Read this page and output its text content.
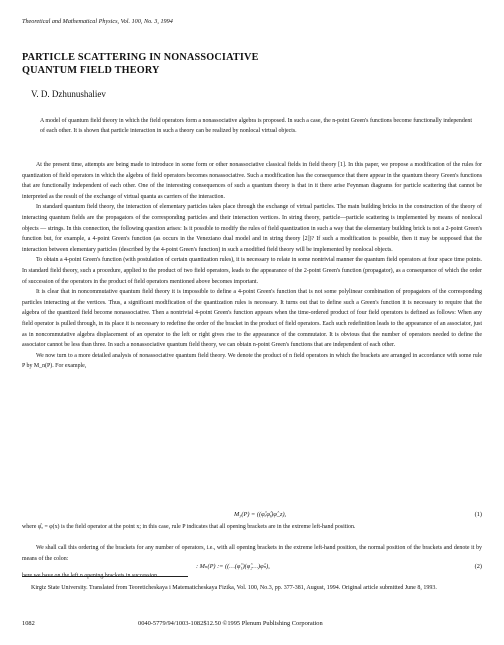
Theoretical and Mathematical Physics, Vol. 100, No. 3, 1994
PARTICLE SCATTERING IN NONASSOCIATIVE
QUANTUM FIELD THEORY
V. D. Dzhunushaliev
A model of quantum field theory in which the field operators form a nonassociative algebra is proposed. In such a case, the n-point Green's functions become functionally independent of each other. It is shown that particle interaction in such a theory can be realized by nonlocal virtual objects.

At the present time, attempts are being made to introduce in some form or other nonassociative classical fields in field theory [1]. In this paper, we propose a modification of the rules for quantization of field operators in which the algebra of field operators becomes nonassociative. Such a modification has the consequence that there appear in the quantum theory Green's functions that are functionally independent of each other. One of the interesting consequences of such a quantum theory is that in it there arise Feynman diagrams for particle scattering that cannot be interpreted as the result of the exchange of virtual quanta as carriers of the interaction.

In standard quantum field theory, the interaction of elementary particles takes place through the exchange of virtual particles. The main building bricks in the construction of the theory of interacting quantum fields are the propagators of the corresponding particles and their interaction vertices. In string theory, particle—particle scattering is implemented by means of nonlocal objects — strings. In this connection, the following question arises: Is it possible to modify the rules of field quantization in such a way that the elementary building brick is not a 2-point Green's function but, for example, a 4-point Green's function (as occurs in the Veneziano dual model and in string theory [2])? If such a modification is possible, then it may be supposed that the interaction between elementary particles (described by the 4-point Green's function) in such a modified field theory will be implemented by nonlocal objects.

To obtain a 4-point Green's function (with postulation of certain quantization rules), it is necessary to relate in some nontrivial manner the quantum field operators at four space time points. In standard field theory, such a procedure, applied to the product of two field operators, leads to the appearance of the 2-point Green's function (propagator), as a consequence of which the order of succession of the operators in the product of field operators mentioned above becomes important.

It is clear that in noncommutative quantum field theory it is impossible to define a 4-point Green's function that is not some polylinear combination of propagators of the corresponding particles interacting at the vertices. Thus, a significant modification of the quantization rules is necessary. It turns out that to define such a Green's function it is necessary to require that the algebra of the quantized field become nonassociative. Then a nontrivial 4-point Green's function appears when the time-ordered product of four field operators is defined as follows: When any field operator is pulled through, in its place it is necessary to redefine the order of the bracket in the product of field operators. Each such redefinition leads to the appearance of an associator, just as in noncommutative algebra displacement of an operator to the left or right gives rise to the appearance of the commutator. It is obvious that the number of operators needed to define the associator cannot be less than three. In such a nonassociative quantum field theory, we can obtain n-point Green's functions that are independent of each other.

We now turn to a more detailed analysis of nonassociative quantum field theory. We denote the product of n field operators in which the brackets are arranged in accordance with some rule P by M_n(P). For example,

M₃(P) = ((φ̂ₓφ̂ᵧ)φ̂_z),	(1)
where φ̂ₓ = φ(x) is the field operator at the point x; in this case, rule P indicates that all opening brackets are in the extreme left-hand position.
We shall call this ordering of the brackets for any number of operators, i.e., with all opening brackets in the extreme left-hand position, the normal position of the brackets and denote it by means of the colon:
: Mₙ(P) := ((…(φ̂₁)(φ̂₂…)φ̂ₙ),	(2)
here we have on the left n opening brackets in succession.
Kirgiz State University. Translated from Teoreticheskaya i Matematicheskaya Fizika, Vol. 100, No.3, pp. 377-381, August, 1994. Original article submitted June 8, 1993.
1082	0040-5779/94/1003-1082$12.50 ©1995 Plenum Publishing Corporation
